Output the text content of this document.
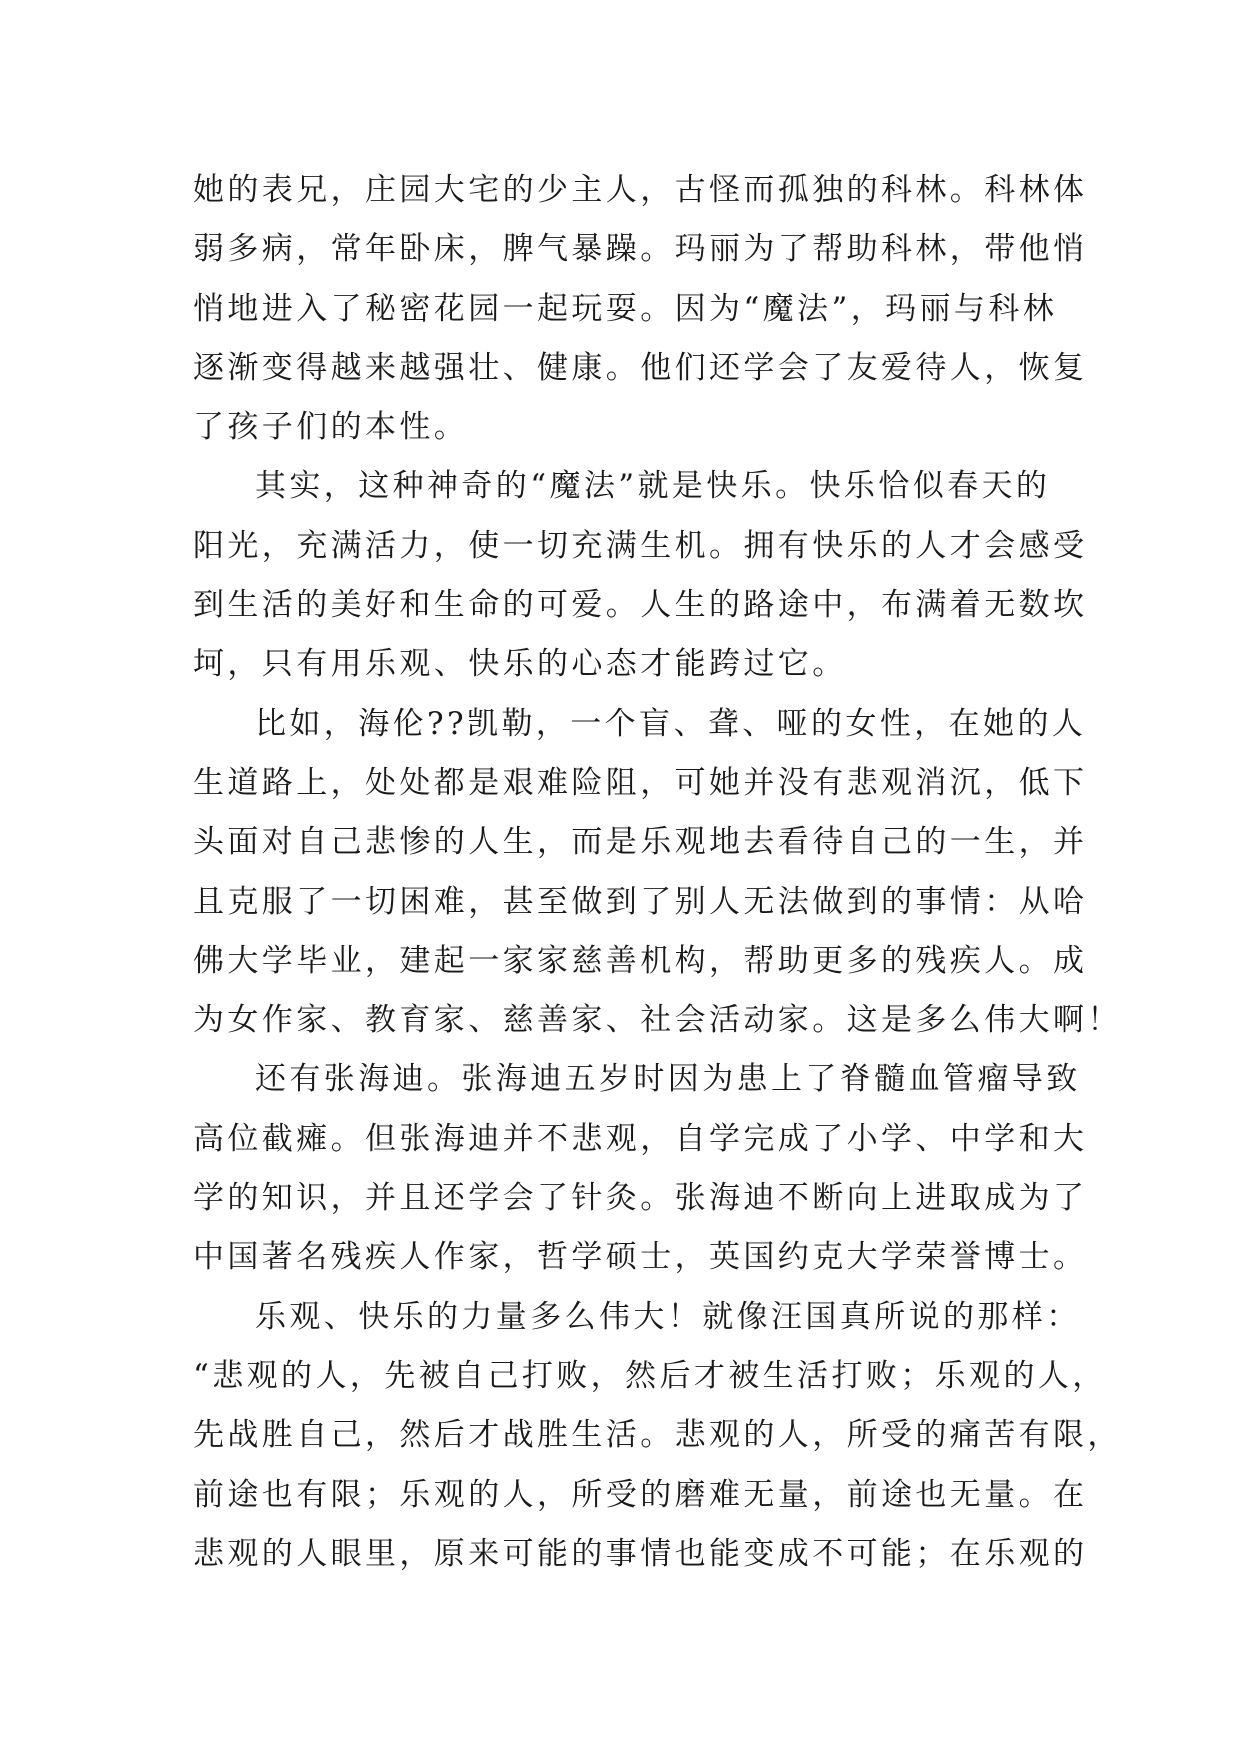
她的表兄，庄园大宅的少主人，古怪而孤独的科林。科林体
弱多病，常年卧床，脾气暴躁。玛丽为了帮助科林，带他悄
悄地进入了秘密花园一起玩耍。因为“魔法”，玛丽与科林
逐渐变得越来越强壮、健康。他们还学会了友爱待人，恢复
了孩子们的本性。
其实，这种神奇的“魔法”就是快乐。快乐恰似春天的
阳光，充满活力，使一切充满生机。拥有快乐的人才会感受
到生活的美好和生命的可爱。人生的路途中，布满着无数坎
坷，只有用乐观、快乐的心态才能跨过它。
比如，海伦??凯勒，一个盲、聋、哑的女性，在她的人
生道路上，处处都是艰难险阻，可她并没有悲观消沉，低下
头面对自己悲惨的人生，而是乐观地去看待自己的一生，并
且克服了一切困难，甚至做到了别人无法做到的事情：从哈
佛大学毕业，建起一家家慈善机构，帮助更多的残疾人。成
为女作家、教育家、慈善家、社会活动家。这是多么伟大啊！
还有张海迪。张海迪五岁时因为患上了脊髓血管瘤导致
高位截瘫。但张海迪并不悲观，自学完成了小学、中学和大
学的知识，并且还学会了针灸。张海迪不断向上进取成为了
中国著名残疾人作家，哲学硕士，英国约克大学荣誉博士。
乐观、快乐的力量多么伟大！就像汪国真所说的那样：
“悲观的人，先被自己打败，然后才被生活打败；乐观的人，
先战胜自己，然后才战胜生活。悲观的人，所受的痛苦有限，
前途也有限；乐观的人，所受的磨难无量，前途也无量。在
悲观的人眼里，原来可能的事情也能变成不可能；在乐观的
